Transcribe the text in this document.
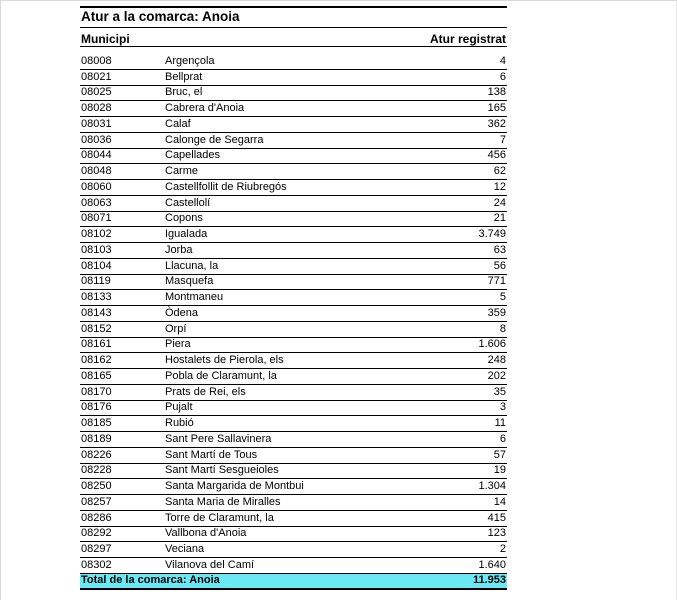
Atur a la comarca: Anoia
Municipi	Atur registrat
08008	Argençola	4
08021	Bellprat	6
08025	Bruc, el	138
08028	Cabrera d'Anoia	165
08031	Calaf	362
08036	Calonge de Segarra	7
08044	Capellades	456
08048	Carme	62
08060	Castellfollit de Riubregós	12
08063	Castellolí	24
08071	Copons	21
08102	Igualada	3.749
08103	Jorba	63
08104	Llacuna, la	56
08119	Masquefa	771
08133	Montmaneu	5
08143	Òdena	359
08152	Orpí	8
08161	Piera	1.606
08162	Hostalets de Pierola, els	248
08165	Pobla de Claramunt, la	202
08170	Prats de Rei, els	35
08176	Pujalt	3
08185	Rubió	11
08189	Sant Pere Sallavinera	6
08226	Sant Martí de Tous	57
08228	Sant Martí Sesgueioles	19
08250	Santa Margarida de Montbui	1.304
08257	Santa Maria de Miralles	14
08286	Torre de Claramunt, la	415
08292	Vallbona d'Anoia	123
08297	Veciana	2
08302	Vilanova del Camí	1.640
Total de la comarca: Anoia	11.953
